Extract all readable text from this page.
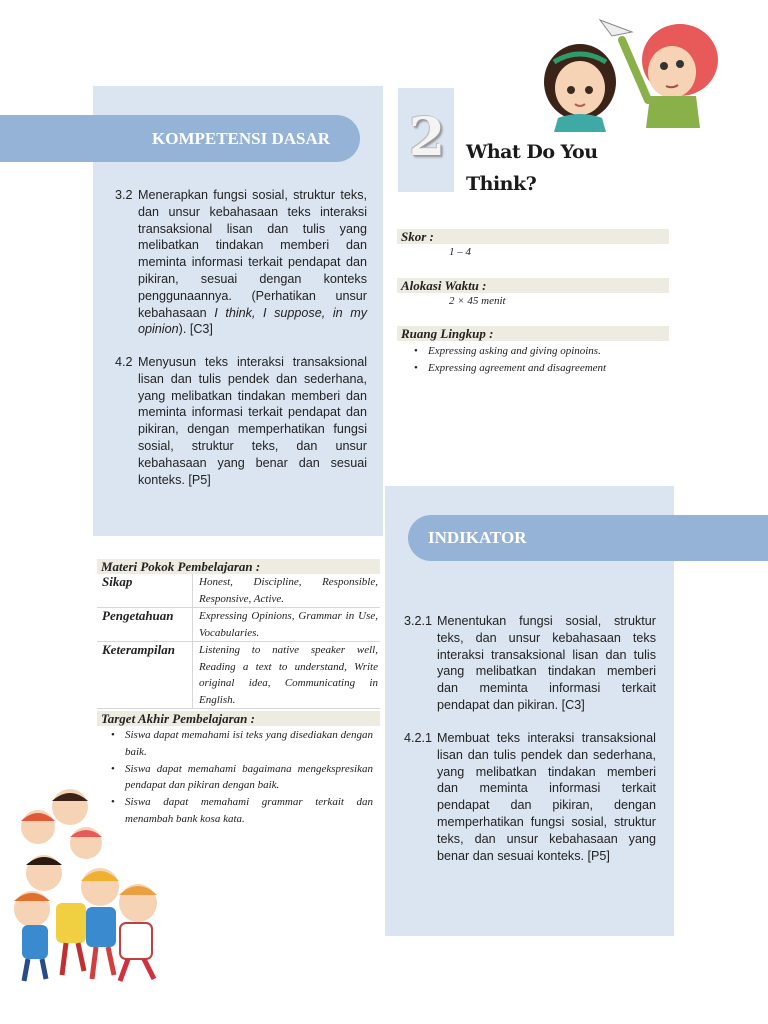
KOMPETENSI DASAR
3.2 Menerapkan fungsi sosial, struktur teks, dan unsur kebahasaan teks interaksi transaksional lisan dan tulis yang melibatkan tindakan memberi dan meminta informasi terkait pendapat dan pikiran, sesuai dengan konteks penggunaannya. (Perhatikan unsur kebahasaan I think, I suppose, in my opinion). [C3]
4.2 Menyusun teks interaksi transaksional lisan dan tulis pendek dan sederhana, yang melibatkan tindakan memberi dan meminta informasi terkait pendapat dan pikiran, dengan memperhatikan fungsi sosial, struktur teks, dan unsur kebahasaan yang benar dan sesuai konteks. [P5]
2 What Do You
Think?
Skor :
1 – 4
Alokasi Waktu :
2 × 45 menit
Ruang Lingkup :
• Expressing asking and giving opinoins.
• Expressing agreement and disagreement
INDIKATOR
3.2.1 Menentukan fungsi sosial, struktur teks, dan unsur kebahasaan teks interaksi transaksional lisan dan tulis yang melibatkan tindakan memberi dan meminta informasi terkait pendapat dan pikiran. [C3]
4.2.1 Membuat teks interaksi transaksional lisan dan tulis pendek dan sederhana, yang melibatkan tindakan memberi dan meminta informasi terkait pendapat dan pikiran, dengan memperhatikan fungsi sosial, struktur teks, dan unsur kebahasaan yang benar dan sesuai konteks. [P5]
Materi Pokok Pembelajaran :
Sikap	Honest, Discipline, Responsible, Responsive, Active.
Pengetahuan	Expressing Opinions, Grammar in Use, Vocabularies.
Keterampilan	Listening to native speaker well, Reading a text to understand, Write original idea, Communicating in English.
Target Akhir Pembelajaran :
• Siswa dapat memahami isi teks yang disediakan dengan baik.
• Siswa dapat memahami bagaimana mengekspresikan pendapat dan pikiran dengan baik.
• Siswa dapat memahami grammar terkait dan menambah bank kosa kata.
